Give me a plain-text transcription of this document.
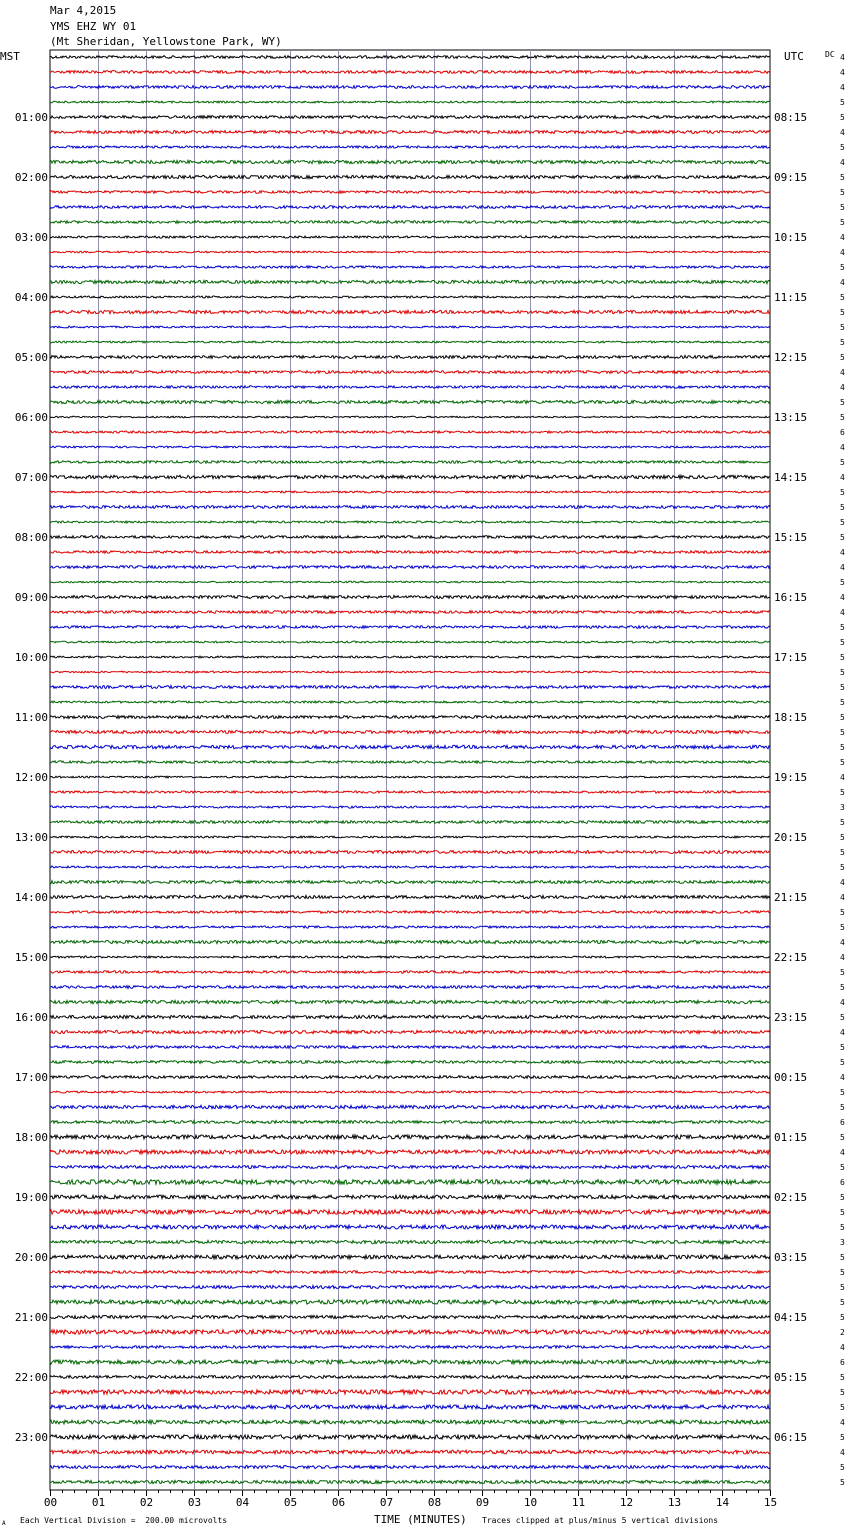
Mar 4,2015
YMS EHZ WY 01
(Mt Sheridan, Yellowstone Park, WY)
MST	UTC	DC
01:00
02:00
03:00
04:00
05:00
06:00
07:00
08:00
09:00
10:00
11:00
12:00
13:00
14:00
15:00
16:00
17:00
18:00
19:00
20:00
21:00
22:00
23:00
08:15
09:15
10:15
11:15
12:15
13:15
14:15
15:15
16:15
17:15
18:15
19:15
20:15
21:15
22:15
23:15
00:15
01:15
02:15
03:15
04:15
05:15
06:15
4
4
4
5
5
4
5
4
5
5
5
5
4
4
5
4
5
5
5
5
5
4
4
5
5
6
4
5
4
5
5
5
5
4
4
5
4
4
5
5
5
5
5
5
5
5
5
5
4
5
3
5
5
5
5
4
4
5
5
4
4
5
5
4
5
4
5
5
4
5
5
6
5
4
5
6
5
5
5
3
5
5
5
5
5
2
4
6
5
5
5
4
5
4
5
5
00	01	02	03	04	05	06	07	08	09	10	11	12	13	14	15
A Each Vertical Division =  200.00 microvolts	TIME (MINUTES) Traces clipped at plus/minus 5 vertical divisions
